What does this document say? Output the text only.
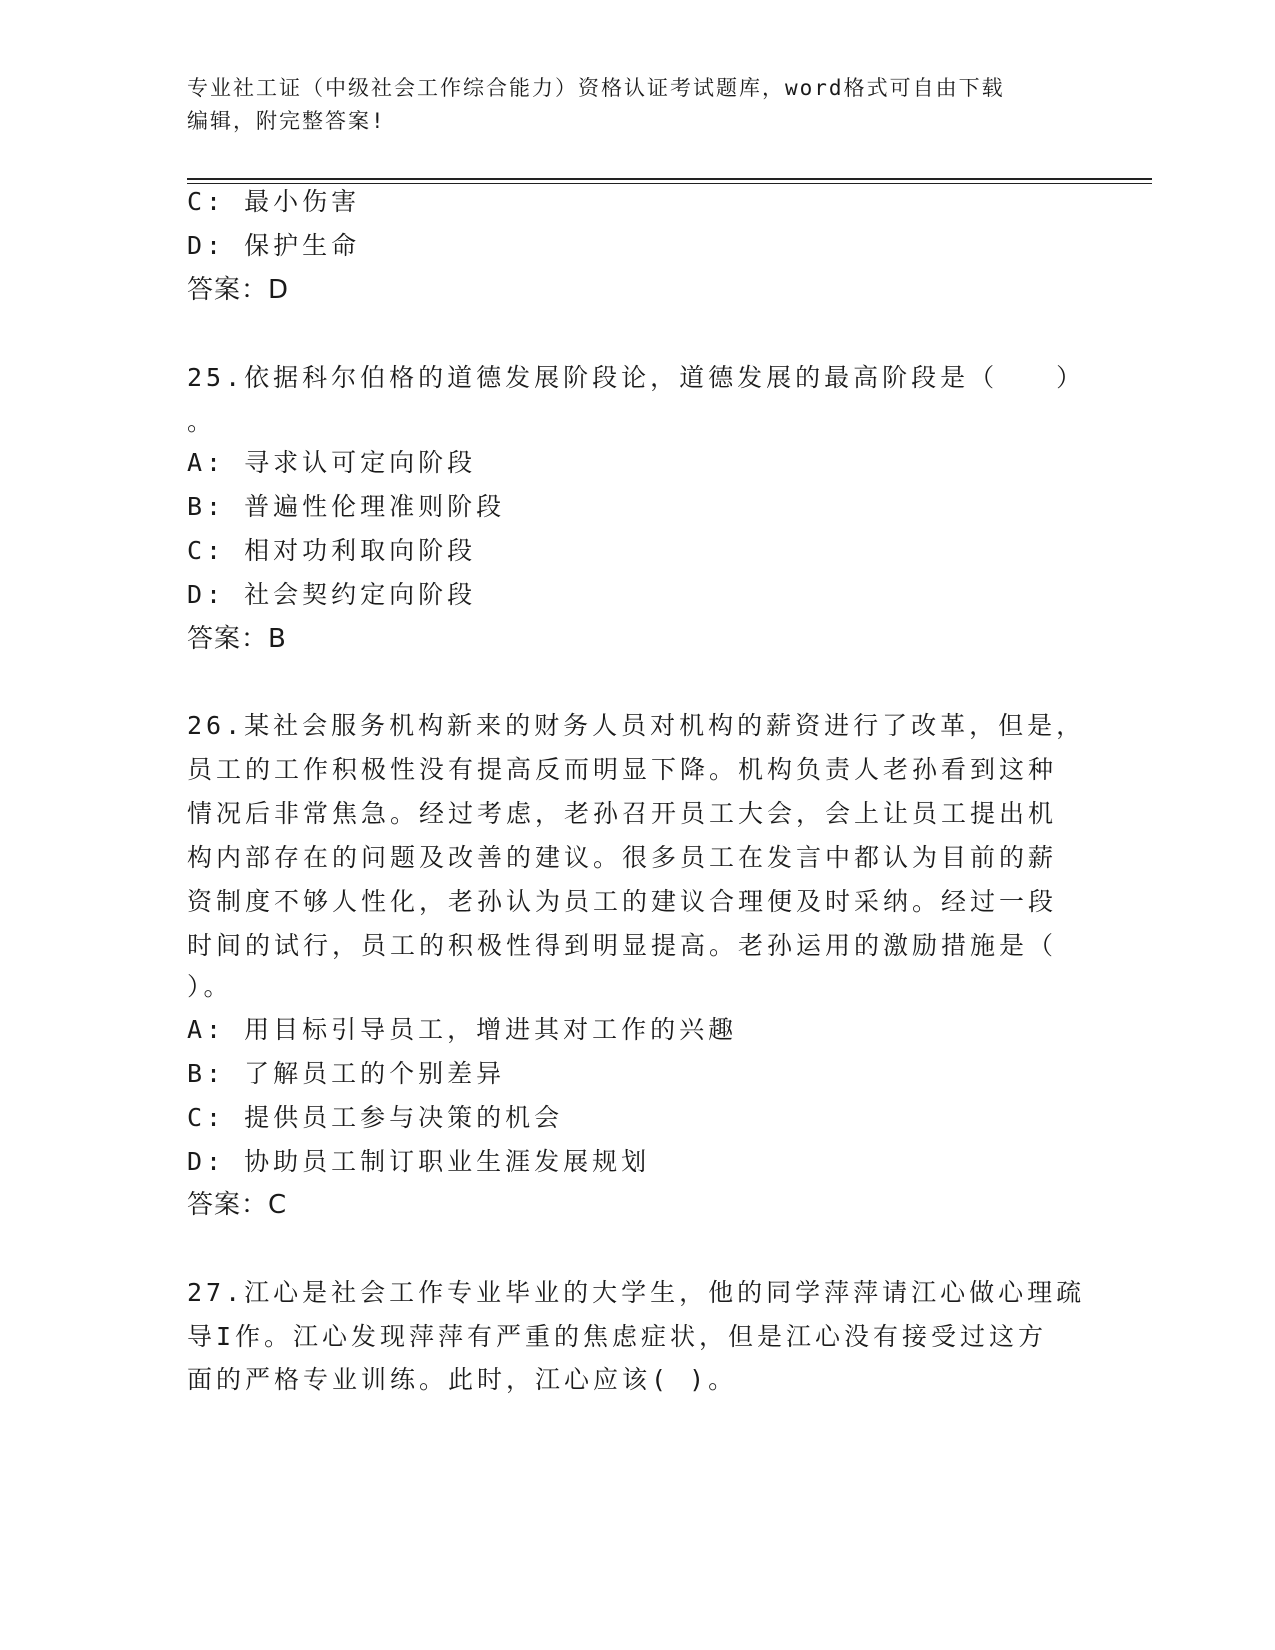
专业社工证（中级社会工作综合能力）资格认证考试题库，word格式可自由下载
编辑，附完整答案!
C: 最小伤害
D: 保护生命
答案：D
25.依据科尔伯格的道德发展阶段论，道德发展的最高阶段是（　　）
。
A: 寻求认可定向阶段
B: 普遍性伦理准则阶段
C: 相对功利取向阶段
D: 社会契约定向阶段
答案：B
26.某社会服务机构新来的财务人员对机构的薪资进行了改革，但是，
员工的工作积极性没有提高反而明显下降。机构负责人老孙看到这种
情况后非常焦急。经过考虑，老孙召开员工大会，会上让员工提出机
构内部存在的问题及改善的建议。很多员工在发言中都认为目前的薪
资制度不够人性化，老孙认为员工的建议合理便及时采纳。经过一段
时间的试行，员工的积极性得到明显提高。老孙运用的激励措施是（
）。
A: 用目标引导员工，增进其对工作的兴趣
B: 了解员工的个别差异
C: 提供员工参与决策的机会
D: 协助员工制订职业生涯发展规划
答案：C
27.江心是社会工作专业毕业的大学生，他的同学萍萍请江心做心理疏
导I作。江心发现萍萍有严重的焦虑症状，但是江心没有接受过这方
面的严格专业训练。此时，江心应该( )。
